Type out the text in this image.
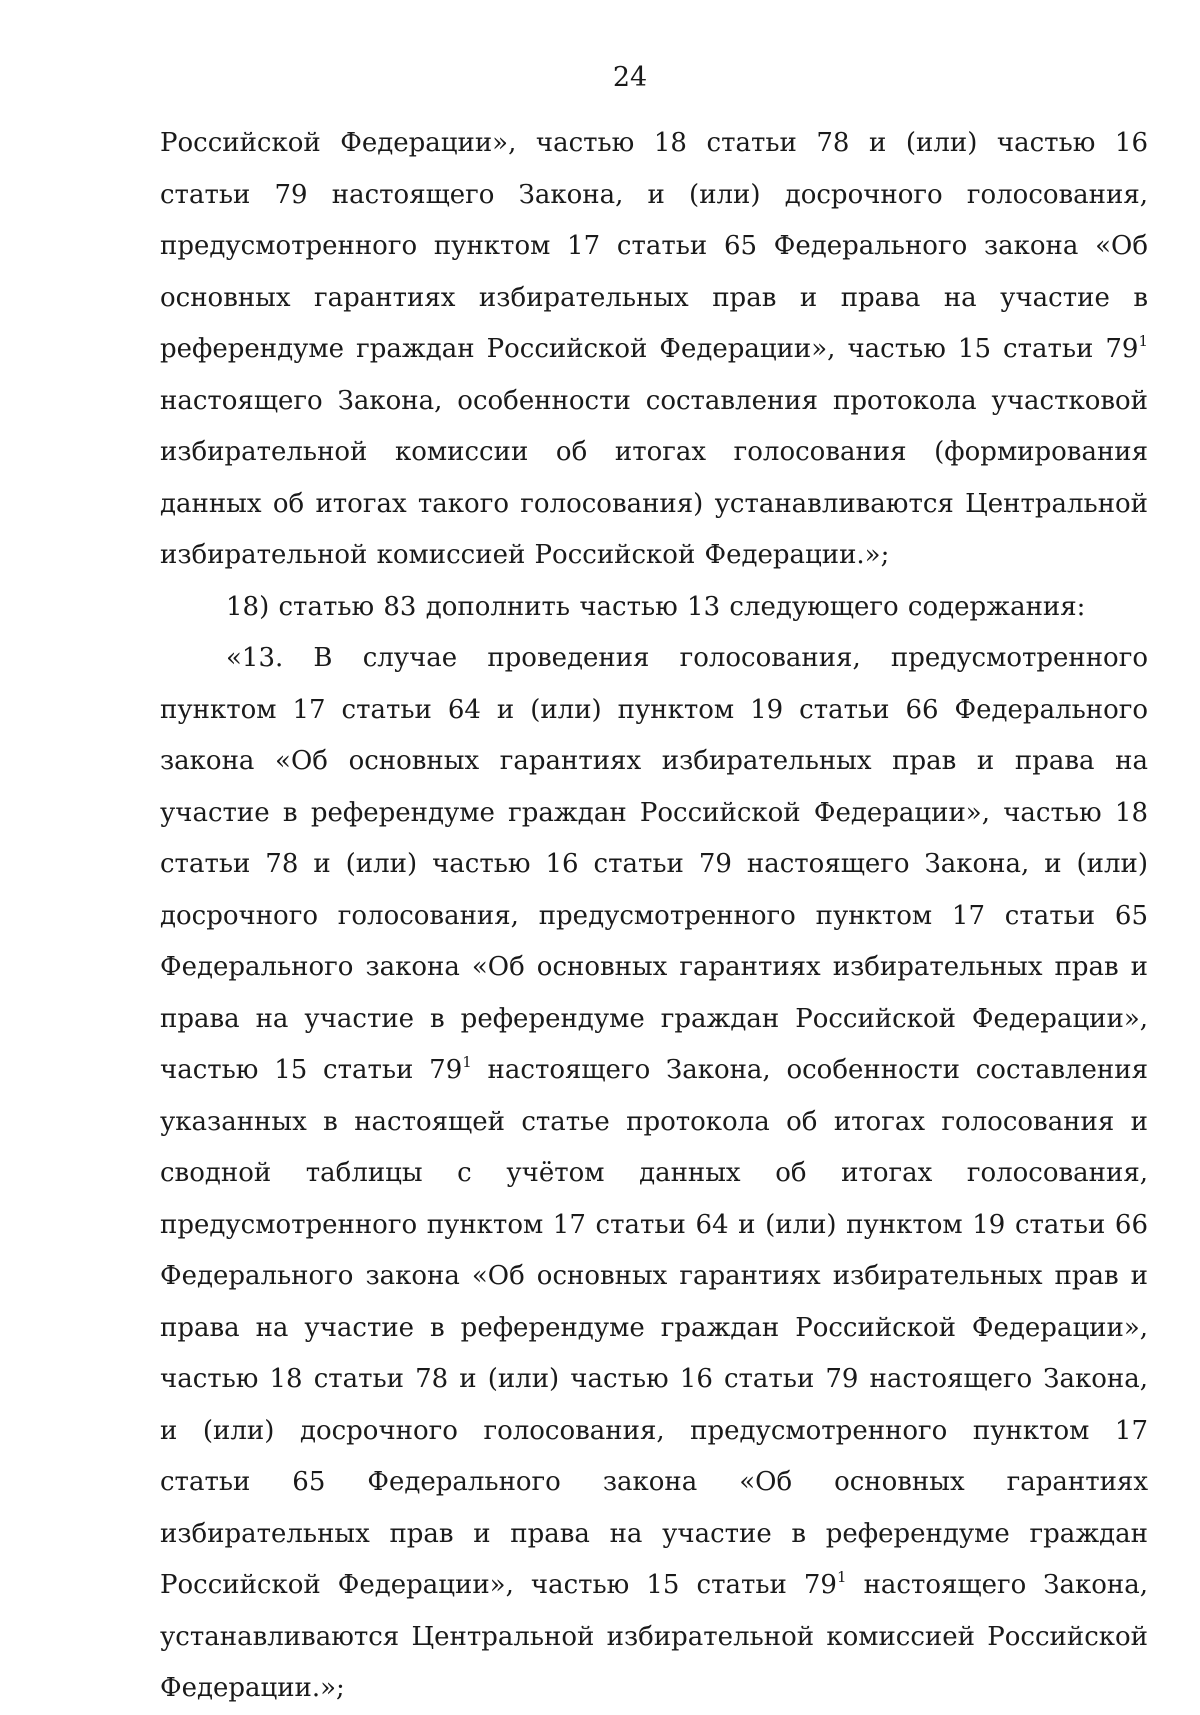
24

Российской Федерации», частью 18 статьи 78 и (или) частью 16 статьи 79 настоящего Закона, и (или) досрочного голосования, предусмотренного пунктом 17 статьи 65 Федерального закона «Об основных гарантиях избирательных прав и права на участие в референдуме граждан Российской Федерации», частью 15 статьи $79^1$ настоящего Закона, особенности составления протокола участковой избирательной комиссии об итогах голосования (формирования данных об итогах такого голосования) устанавливаются Центральной избирательной комиссией Российской Федерации.»;

18) статью 83 дополнить частью 13 следующего содержания:

«13. В случае проведения голосования, предусмотренного пунктом 17 статьи 64 и (или) пунктом 19 статьи 66 Федерального закона «Об основных гарантиях избирательных прав и права на участие в референдуме граждан Российской Федерации», частью 18 статьи 78 и (или) частью 16 статьи 79 настоящего Закона, и (или) досрочного голосования, предусмотренного пунктом 17 статьи 65 Федерального закона «Об основных гарантиях избирательных прав и права на участие в референдуме граждан Российской Федерации», частью 15 статьи $79^1$ настоящего Закона, особенности составления указанных в настоящей статье протокола об итогах голосования и сводной таблицы с учётом данных об итогах голосования, предусмотренного пунктом 17 статьи 64 и (или) пунктом 19 статьи 66 Федерального закона «Об основных гарантиях избирательных прав и права на участие в референдуме граждан Российской Федерации», частью 18 статьи 78 и (или) частью 16 статьи 79 настоящего Закона, и (или) досрочного голосования, предусмотренного пунктом 17 статьи 65 Федерального закона «Об основных гарантиях избирательных прав и права на участие в референдуме граждан Российской Федерации», частью 15 статьи $79^1$ настоящего Закона, устанавливаются Центральной избирательной комиссией Российской Федерации.»;
